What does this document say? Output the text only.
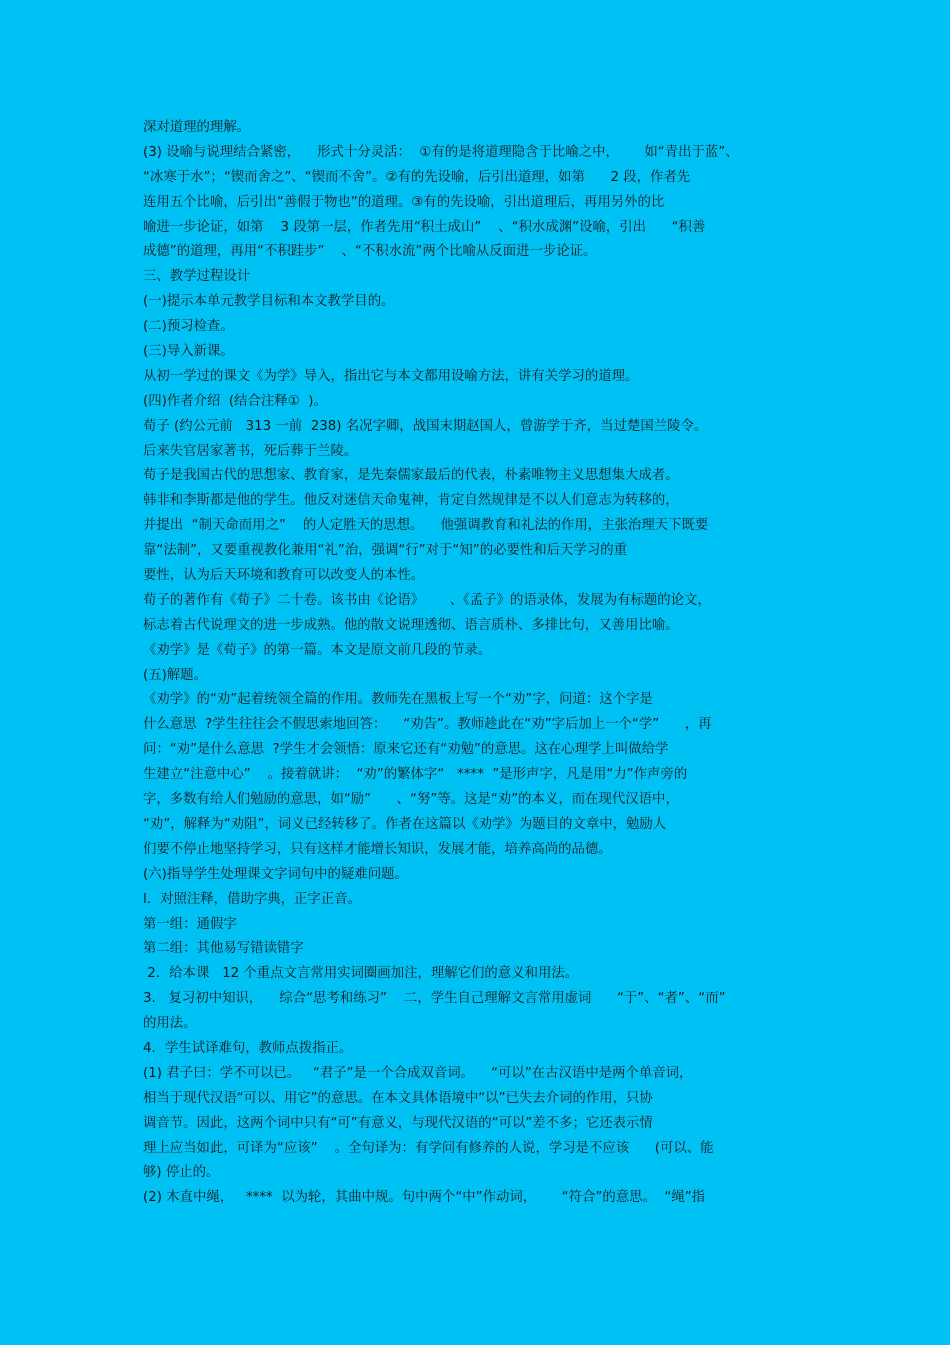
深对道理的理解。
(3) 设喻与说理结合紧密，    形式十分灵活：  ①有的是将道理隐含于比喻之中，      如“青出于蓝”、
“冰寒于水”；“锲而舍之”、“锲而不舍”。②有的先设喻，后引出道理，如第      2 段，作者先
连用五个比喻，后引出“善假于物也”的道理。③有的先设喻，引出道理后，再用另外的比
喻进一步论证，如第    3 段第一层，作者先用“积土成山”    、“积水成渊”设喻，引出      “积善
成德”的道理，再用“不积跬步”    、“不积水流”两个比喻从反面进一步论证。
三、教学过程设计
(一)提示本单元教学目标和本文教学目的。
(二)预习检查。
(三)导入新课。
从初一学过的课文《为学》导入，指出它与本文都用设喻方法，讲有关学习的道理。
(四)作者介绍  (结合注释①  )。
荀子 (约公元前   313 一前  238) 名况字卿，战国末期赵国人，曾游学于齐，当过楚国兰陵令。
后来失官居家著书，死后葬于兰陵。
荀子是我国古代的思想家、教育家，是先秦儒家最后的代表，朴素唯物主义思想集大成者。
韩非和李斯都是他的学生。他反对迷信天命鬼神，肯定自然规律是不以人们意志为转移的，
并提出  “制天命而用之”    的人定胜天的思想。    他强调教育和礼法的作用，主张治理天下既要
靠“法制”，又要重视教化兼用“礼”治，强调“行”对于“知”的必要性和后天学习的重
要性，认为后天环境和教育可以改变人的本性。
荀子的著作有《荀子》二十卷。该书由《论语》      、《孟子》的语录体，发展为有标题的论文，
标志着古代说理文的进一步成熟。他的散文说理透彻、语言质朴、多排比句，又善用比喻。
《劝学》是《荀子》的第一篇。本文是原文前几段的节录。
(五)解题。
《劝学》的“劝”起着统领全篇的作用。教师先在黑板上写一个“劝”字，问道：这个字是
什么意思  ?学生往往会不假思索地回答：    “劝告”。教师趁此在“劝”字后加上一个“学”      ，再
问：“劝”是什么意思  ?学生才会领悟：原来它还有“劝勉”的意思。这在心理学上叫做给学
生建立“注意中心”    。接着就讲：  “劝”的繁体字“   ****  ”是形声字，凡是用“力”作声旁的
字，多数有给人们勉励的意思，如“励”      、“努”等。这是“劝”的本义，而在现代汉语中，
“劝”，解释为“劝阻”，词义已经转移了。作者在这篇以《劝学》为题目的文章中，勉励人
们要不停止地坚持学习，只有这样才能增长知识，发展才能，培养高尚的品德。
(六)指导学生处理课文字词句中的疑难问题。
l．对照注释，借助字典，正字正音。
第一组：通假字
第二组：其他易写错读错字
2．给本课   12 个重点文言常用实词圈画加注，理解它们的意义和用法。
3.   复习初中知识，    综合“思考和练习”    二，学生自己理解文言常用虚词      “于”、“者”、“而”
的用法。
4．学生试译难句，教师点拨指正。
(1) 君子曰：学不可以已。   “君子”是一个合成双音词。    “可以”在古汉语中是两个单音词，
相当于现代汉语“可以、用它”的意思。在本文具体语境中“以”已失去介词的作用，只协
调音节。因此，这两个词中只有“可”有意义，与现代汉语的“可以”差不多；它还表示情
理上应当如此，可译为“应该”    。全句译为：有学问有修养的人说，学习是不应该      (可以、能
够) 停止的。
(2) 木直中绳，   ****  以为轮，其曲中规。句中两个“中”作动词，      “符合”的意思。  “绳”指
